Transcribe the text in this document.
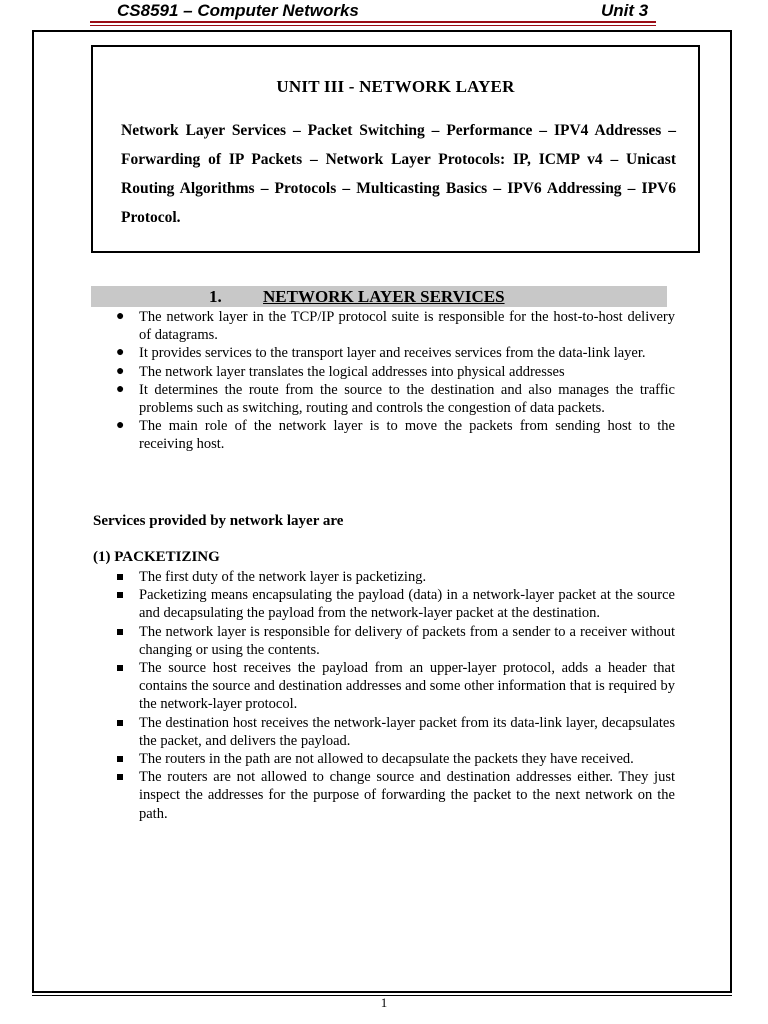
CS8591 – Computer Networks	Unit 3
UNIT III - NETWORK LAYER
Network Layer Services – Packet Switching – Performance – IPV4 Addresses – Forwarding of IP Packets – Network Layer Protocols: IP, ICMP v4 – Unicast Routing Algorithms – Protocols – Multicasting Basics – IPV6 Addressing – IPV6 Protocol.
1. NETWORK LAYER SERVICES
● The network layer in the TCP/IP protocol suite is responsible for the host-to-host delivery of datagrams.
● It provides services to the transport layer and receives services from the data-link layer.
● The network layer translates the logical addresses into physical addresses
● It determines the route from the source to the destination and also manages the traffic problems such as switching, routing and controls the congestion of data packets.
● The main role of the network layer is to move the packets from sending host to the receiving host.
Services provided by network layer are
(1) PACKETIZING
The first duty of the network layer is packetizing.
Packetizing means encapsulating the payload (data) in a network-layer packet at the source and decapsulating the payload from the network-layer packet at the destination.
The network layer is responsible for delivery of packets from a sender to a receiver without changing or using the contents.
The source host receives the payload from an upper-layer protocol, adds a header that contains the source and destination addresses and some other information that is required by the network-layer protocol.
The destination host receives the network-layer packet from its data-link layer, decapsulates the packet, and delivers the payload.
The routers in the path are not allowed to decapsulate the packets they have received.
The routers are not allowed to change source and destination addresses either. They just inspect the addresses for the purpose of forwarding the packet to the next network on the path.
1
